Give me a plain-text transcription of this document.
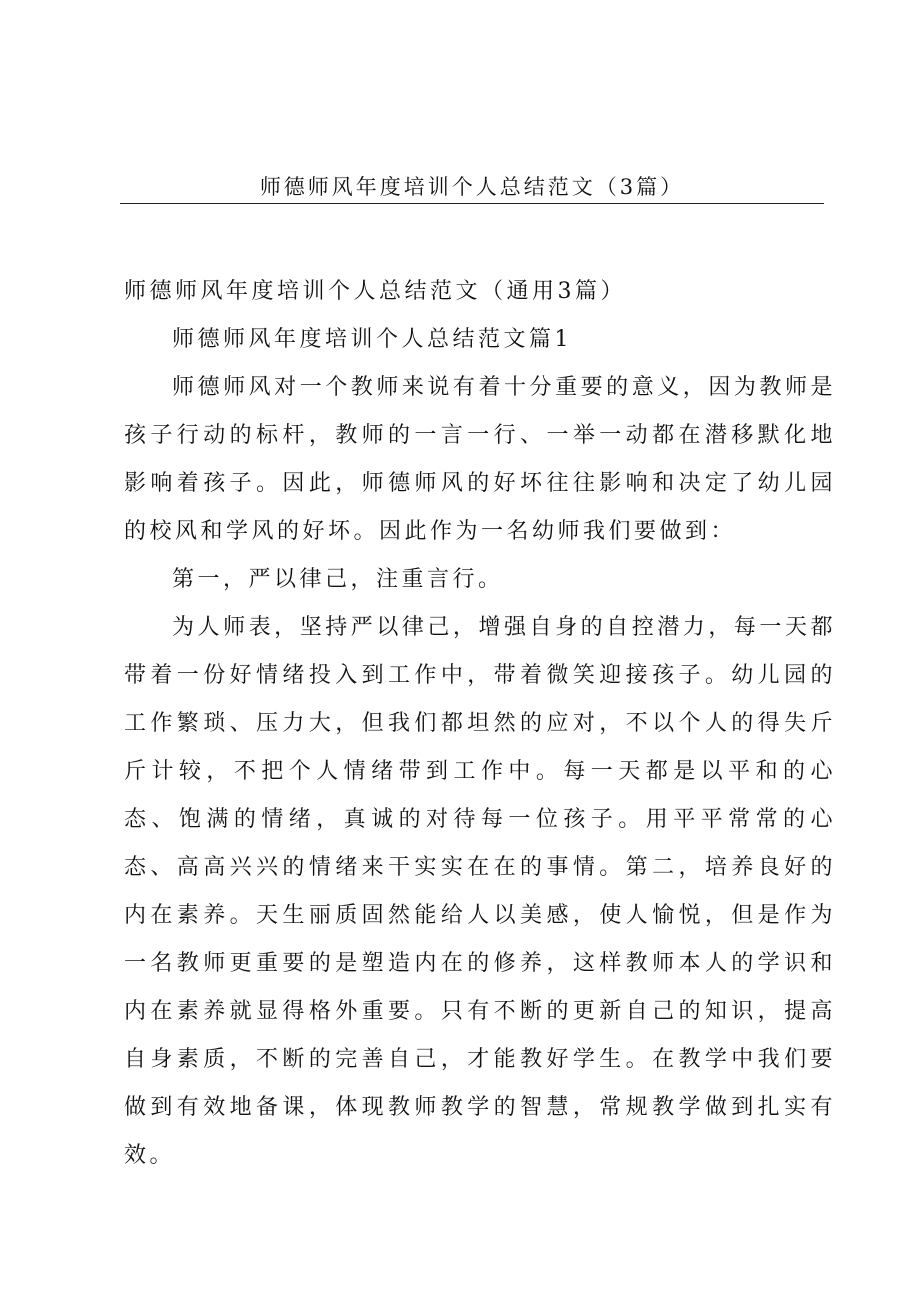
师德师风年度培训个人总结范文（3篇）

师德师风年度培训个人总结范文（通用3篇）

师德师风年度培训个人总结范文篇1

师德师风对一个教师来说有着十分重要的意义，因为教师是孩子行动的标杆，教师的一言一行、一举一动都在潜移默化地影响着孩子。因此，师德师风的好坏往往影响和决定了幼儿园的校风和学风的好坏。因此作为一名幼师我们要做到：

第一，严以律己，注重言行。

为人师表，坚持严以律己，增强自身的自控潜力，每一天都带着一份好情绪投入到工作中，带着微笑迎接孩子。幼儿园的工作繁琐、压力大，但我们都坦然的应对，不以个人的得失斤斤计较，不把个人情绪带到工作中。每一天都是以平和的心态、饱满的情绪，真诚的对待每一位孩子。用平平常常的心态、高高兴兴的情绪来干实实在在的事情。第二，培养良好的内在素养。天生丽质固然能给人以美感，使人愉悦，但是作为一名教师更重要的是塑造内在的修养，这样教师本人的学识和内在素养就显得格外重要。只有不断的更新自己的知识，提高自身素质，不断的完善自己，才能教好学生。在教学中我们要做到有效地备课，体现教师教学的智慧，常规教学做到扎实有效。
